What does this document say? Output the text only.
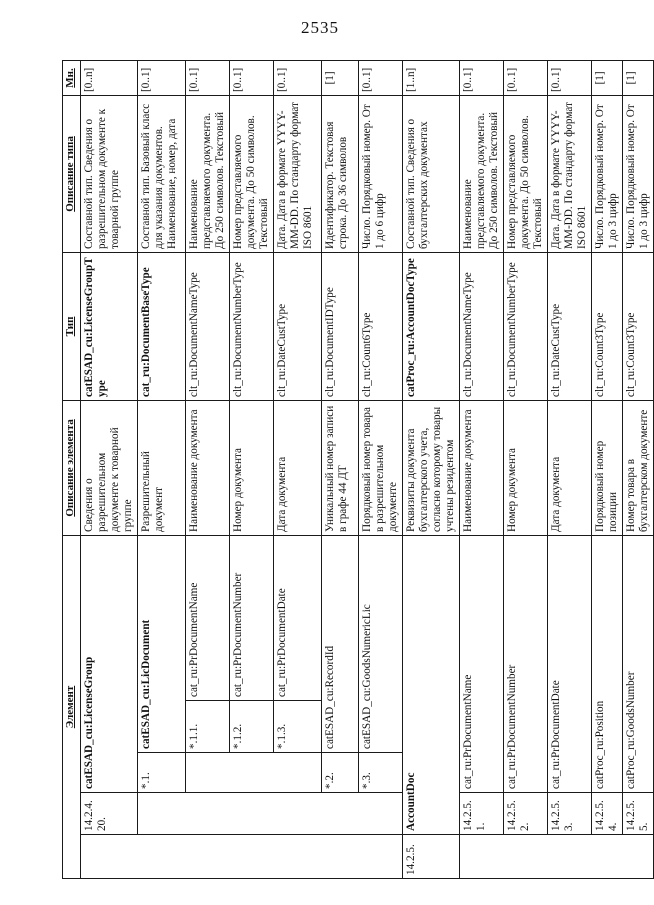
2535
Элемент					Описание элемента	Тип	Описание типа	Мн.
	14.2.4.20.	catESAD_cu:LicenseGroup			Сведения о разрешительном документе к товарной группе	catESAD_cu:LicenseGroupType	Составной тип. Сведения о разрешительном документе к товарной группе	[0..n]
		*.1.	catESAD_cu:LicDocument		Разрешительный документ	cat_ru:DocumentBaseType	Составной тип. Базовый класс для указания документов. Наименование, номер, дата	[0..1]
			*.1.1.	cat_ru:PrDocumentName	Наименование документа	clt_ru:DocumentNameType	Наименование представляемого документа. До 250 символов. Текстовый	[0..1]
			*.1.2.	cat_ru:PrDocumentNumber	Номер документа	clt_ru:DocumentNumberType	Номер представляемого документа. До 50 символов. Текстовый	[0..1]
			*.1.3.	cat_ru:PrDocumentDate	Дата документа	clt_ru:DateCustType	Дата. Дата в формате YYYY-MM-DD. По стандарту формат ISO 8601	[0..1]
		*.2.	catESAD_cu:RecordId		Уникальный номер записи в графе 44 ДТ	clt_ru:DocumentIDType	Идентификатор. Текстовая строка. До 36 символов	[1]
		*.3.	catESAD_cu:GoodsNumericLic		Порядковый номер товара в разрешительном документе	clt_ru:Count6Type	Число. Порядковый номер. От 1 до 6 цифр	[0..1]
14.2.5.	AccountDoc				Реквизиты документа бухгалтерского учета, согласно которому товары учтены резидентом	catProc_ru:AccountDocType	Составной тип. Сведения о бухгалтерских документах	[1..n]
	14.2.5.1.	cat_ru:PrDocumentName			Наименование документа	clt_ru:DocumentNameType	Наименование представляемого документа. До 250 символов. Текстовый	[0..1]
	14.2.5.2.	cat_ru:PrDocumentNumber			Номер документа	clt_ru:DocumentNumberType	Номер представляемого документа. До 50 символов. Текстовый	[0..1]
	14.2.5.3.	cat_ru:PrDocumentDate			Дата документа	clt_ru:DateCustType	Дата. Дата в формате YYYY-MM-DD. По стандарту формат ISO 8601	[0..1]
	14.2.5.4.	catProc_ru:Position			Порядковый номер позиции	clt_ru:Count3Type	Число. Порядковый номер. От 1 до 3 цифр	[1]
	14.2.5.5.	catProc_ru:GoodsNumber			Номер товара в бухгалтерском документе	clt_ru:Count3Type	Число. Порядковый номер. От 1 до 3 цифр	[1]
